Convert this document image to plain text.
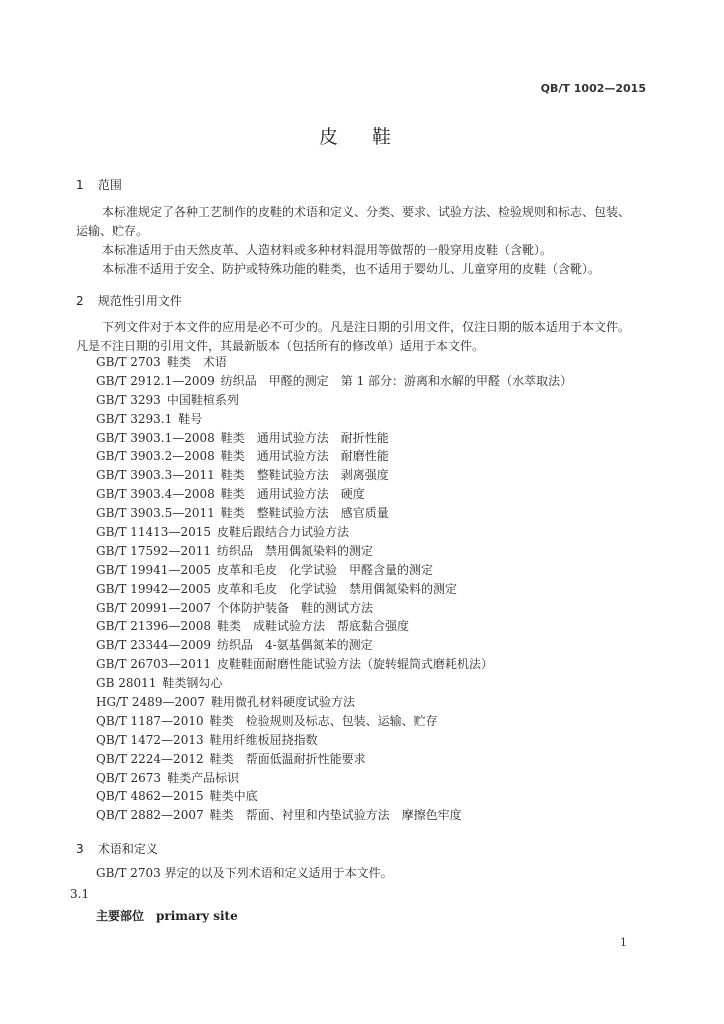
QB/T 1002—2015
皮 鞋
1 范围
本标准规定了各种工艺制作的皮鞋的术语和定义、分类、要求、试验方法、检验规则和标志、包装、
运输、贮存。
本标准适用于由天然皮革、人造材料或多种材料混用等做帮的一般穿用皮鞋（含靴）。
本标准不适用于安全、防护或特殊功能的鞋类，也不适用于婴幼儿、儿童穿用的皮鞋（含靴）。
2 规范性引用文件
下列文件对于本文件的应用是必不可少的。凡是注日期的引用文件，仅注日期的版本适用于本文件。
凡是不注日期的引用文件，其最新版本（包括所有的修改单）适用于本文件。
GB/T 2703 鞋类　术语
GB/T 2912.1—2009 纺织品　甲醛的测定　第 1 部分：游离和水解的甲醛（水萃取法）
GB/T 3293 中国鞋楦系列
GB/T 3293.1 鞋号
GB/T 3903.1—2008 鞋类　通用试验方法　耐折性能
GB/T 3903.2—2008 鞋类　通用试验方法　耐磨性能
GB/T 3903.3—2011 鞋类　整鞋试验方法　剥离强度
GB/T 3903.4—2008 鞋类　通用试验方法　硬度
GB/T 3903.5—2011 鞋类　整鞋试验方法　感官质量
GB/T 11413—2015 皮鞋后跟结合力试验方法
GB/T 17592—2011 纺织品　禁用偶氮染料的测定
GB/T 19941—2005 皮革和毛皮　化学试验　甲醛含量的测定
GB/T 19942—2005 皮革和毛皮　化学试验　禁用偶氮染料的测定
GB/T 20991—2007 个体防护装备　鞋的测试方法
GB/T 21396—2008 鞋类　成鞋试验方法　帮底黏合强度
GB/T 23344—2009 纺织品　4-氨基偶氮苯的测定
GB/T 26703—2011 皮鞋鞋面耐磨性能试验方法（旋转辊筒式磨耗机法）
GB 28011 鞋类钢勾心
HG/T 2489—2007 鞋用微孔材料硬度试验方法
QB/T 1187—2010 鞋类　检验规则及标志、包装、运输、贮存
QB/T 1472—2013 鞋用纤维板屈挠指数
QB/T 2224—2012 鞋类　帮面低温耐折性能要求
QB/T 2673 鞋类产品标识
QB/T 4862—2015 鞋类中底
QB/T 2882—2007 鞋类　帮面、衬里和内垫试验方法　摩擦色牢度
3 术语和定义
GB/T 2703 界定的以及下列术语和定义适用于本文件。
3.1
主要部位 primary site
1
